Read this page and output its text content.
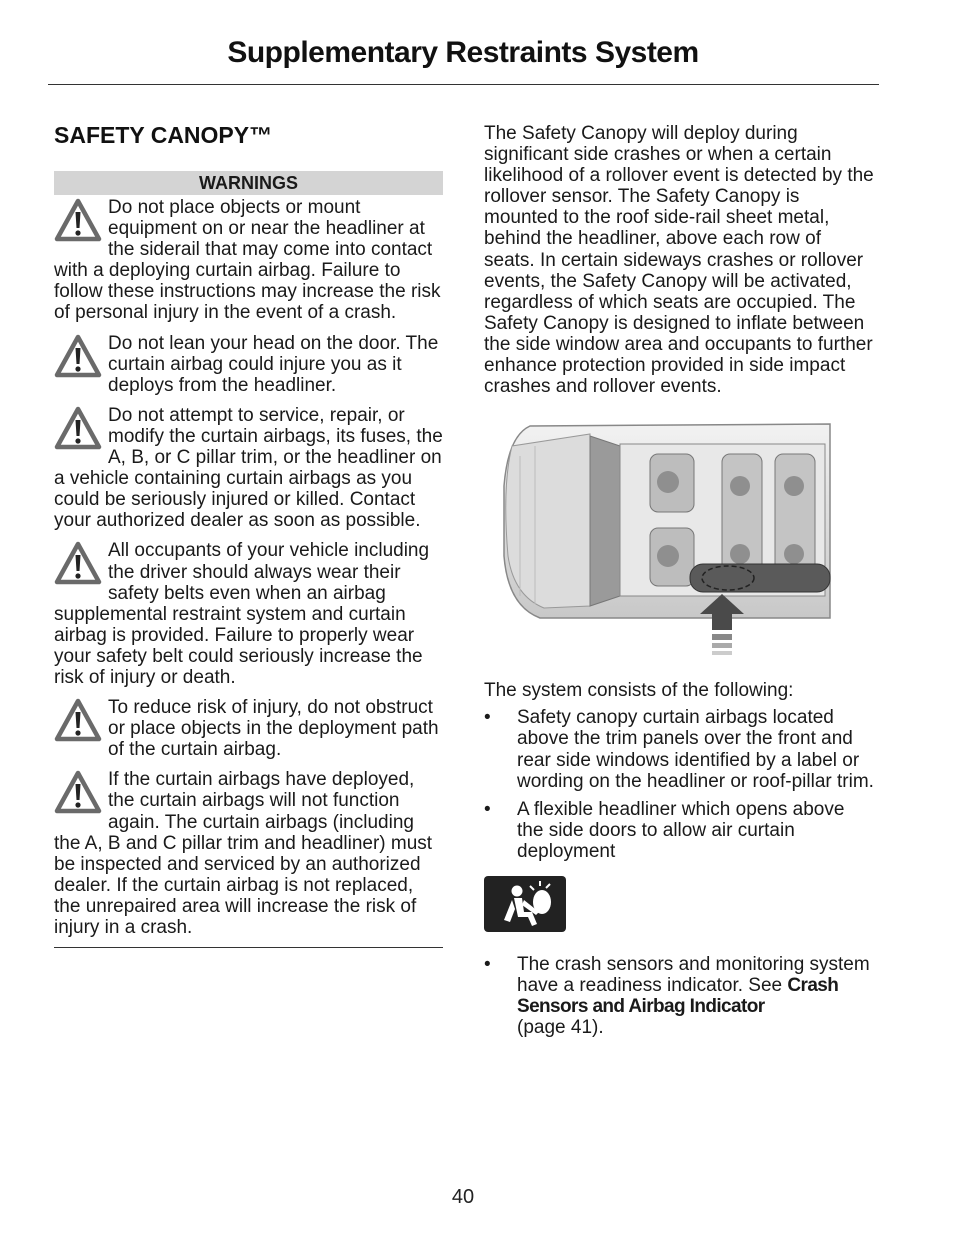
Supplementary Restraints System
SAFETY CANOPY™
WARNINGS
Do not place objects or mount equipment on or near the headliner at the siderail that may come into contact with a deploying curtain airbag. Failure to follow these instructions may increase the risk of personal injury in the event of a crash.
Do not lean your head on the door. The curtain airbag could injure you as it deploys from the headliner.
Do not attempt to service, repair, or modify the curtain airbags, its fuses, the A, B, or C pillar trim, or the headliner on a vehicle containing curtain airbags as you could be seriously injured or killed. Contact your authorized dealer as soon as possible.
All occupants of your vehicle including the driver should always wear their safety belts even when an airbag supplemental restraint system and curtain airbag is provided. Failure to properly wear your safety belt could seriously increase the risk of injury or death.
To reduce risk of injury, do not obstruct or place objects in the deployment path of the curtain airbag.
If the curtain airbags have deployed, the curtain airbags will not function again. The curtain airbags (including the A, B and C pillar trim and headliner) must be inspected and serviced by an authorized dealer. If the curtain airbag is not replaced, the unrepaired area will increase the risk of injury in a crash.

The Safety Canopy will deploy during significant side crashes or when a certain likelihood of a rollover event is detected by the rollover sensor. The Safety Canopy is mounted to the roof side-rail sheet metal, behind the headliner, above each row of seats. In certain sideways crashes or rollover events, the Safety Canopy will be activated, regardless of which seats are occupied. The Safety Canopy is designed to inflate between the side window area and occupants to further enhance protection provided in side impact crashes and rollover events.

The system consists of the following:

• Safety canopy curtain airbags located above the trim panels over the front and rear side windows identified by a label or wording on the headliner or roof-pillar trim.
• A flexible headliner which opens above the side doors to allow air curtain deployment
• The crash sensors and monitoring system have a readiness indicator. See Crash Sensors and Airbag Indicator
(page 41).
40
